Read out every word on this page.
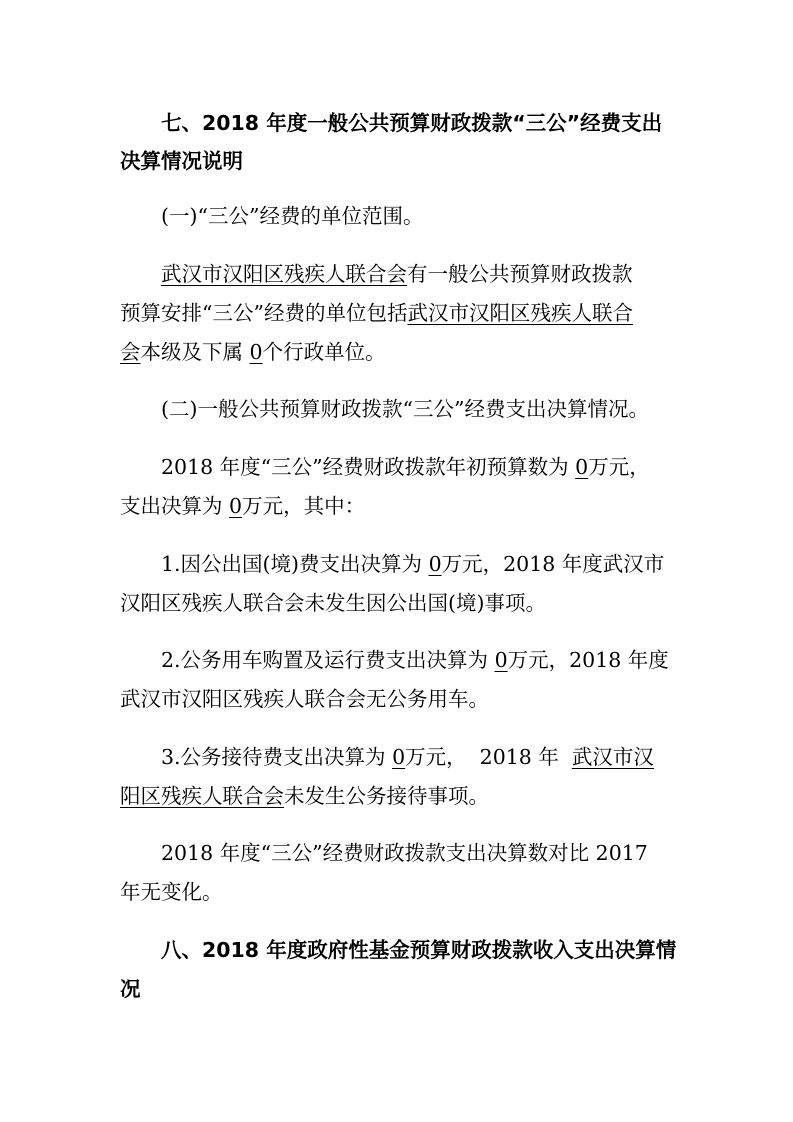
七、2018 年度一般公共预算财政拨款“三公”经费支出
决算情况说明
(一)“三公”经费的单位范围。
武汉市汉阳区残疾人联合会有一般公共预算财政拨款
预算安排“三公”经费的单位包括武汉市汉阳区残疾人联合
会本级及下属 0个行政单位。
(二)一般公共预算财政拨款“三公”经费支出决算情况。
2018 年度“三公”经费财政拨款年初预算数为 0万元，
支出决算为 0万元，其中：
1.因公出国(境)费支出决算为 0万元，2018 年度武汉市
汉阳区残疾人联合会未发生因公出国(境)事项。
2.公务用车购置及运行费支出决算为 0万元，2018 年度
武汉市汉阳区残疾人联合会无公务用车。
3.公务接待费支出决算为 0万元，  2018 年  武汉市汉
阳区残疾人联合会未发生公务接待事项。
2018 年度“三公”经费财政拨款支出决算数对比 2017
年无变化。
八、2018 年度政府性基金预算财政拨款收入支出决算情
况
